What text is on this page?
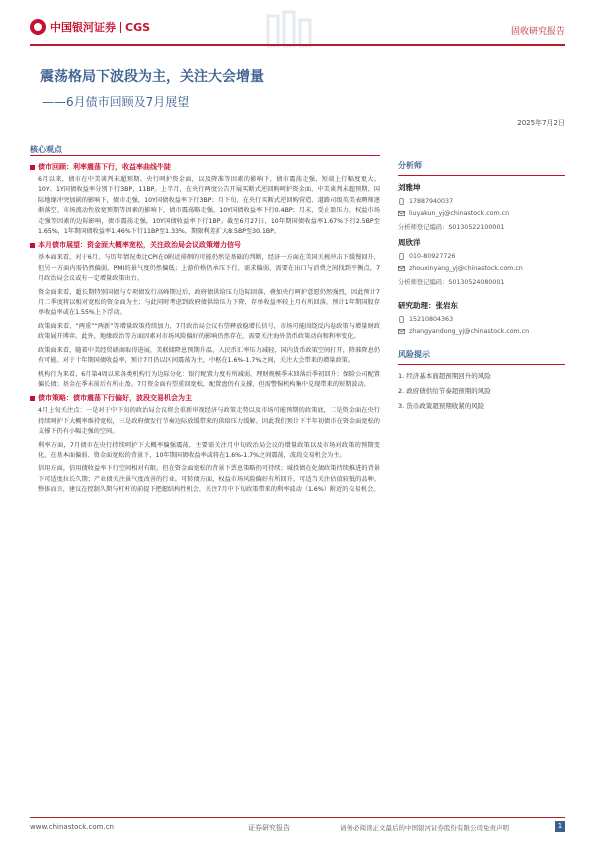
中国银河证券 CGS	固收研究报告
震荡格局下波段为主，关注大会增量
——6月债市回顾及7月展望
2025年7月2日
核心观点
债市回顾：利率震荡下行，收益率曲线牛陡

6月以来，债市在中美谈判未超预期、央行呵护资金面，以及降准等因素的影响下，债市震荡走强，短端上行幅度更大。10Y、1Y国债收益率分别下行3BP、11BP。上半月，在央行两度公告开展买断式逆回购呵护资金面、中美谈判未超预期、国际地缘冲突加剧的影响下，债市走强，10Y国债收益率下行3BP；月下旬，在央行买断式逆回购营造、道路司级英美表聘师逐渐落空、市场流动性放宽预期等因素的影响下，债市震荡略走强，10Y国债收益率下行0.4BP；月末，受止盈压力、权益市场走强等因素的边际影响，债市震荡走强，10Y国债收益率下行1BP。截至6月27日，10年期国债收益率1.67%下行2.5BP至1.65%，1年期国债收益率1.46%下行11BP至1.33%，期限利差扩大8.5BP至30.1BP。

本月债市展望：资金面大概率宽松，关注政治局会议政策增力信号

基本面来看，对于6月，与历年情况类比CPI在0附近徘徊的可能仍然是基础的判断，经济一方面在美国关税冲击下缓慢回升，但另一方面内需仍然偏弱，PMI的景气度仍然偏低；上游价格仍承压下行，需求偏弱，需要在出口与消费之间找到平衡点，7月政治局会议或有一定增量政策出台。

资金面来看，超长期特别国债与专项债发行高峰期过后，政府债供给压力边际回落，叠加央行呵护意愿仍然强烈，因此预计7月二季度将以相对宽松的资金面为主；与此同时考虑到政府债供给压力下降，存单收益率较上月有所回落，预计1年期国股存单收益率或在1.55%上下浮动。

政策面来看，“两重”“两新”等增量政策持续加力，7月政治局会议有望释放稳增长信号，市场可能围绕反内卷政策与增量财政政策展开博弈。此外，地缘政治等方面因素对市场风险偏好的影响仍然存在，需要关注海外货币政策动向和利率变化。

政策面来看，随着中美经贸磋商取得进展，美联储降息预期升温，人民币汇率压力减轻，国内货币政策空间打开，降准降息仍有可能。对于十年期国债收益率，预计7月仍以区间震荡为主，中枢在1.6%-1.7%之间，关注大会带来的增量政策。

机构行为来看，6月第4周以来各类机构行为边际分化：银行配置力度有所减弱，理财规模季末回落后季初回升；保险公司配置偏长债；基金在季末前后有所止盈。7月资金面有望重回宽松，配置盘仍有支撑，但需警惕机构集中兑现带来的短期波动。

债市策略：债市震荡下行偏好，波段交易机会为主

4月上旬关注点：一是对于中下旬的政治局会议将会重新审视经济与政策走势以及市场可能预期的政策底，二是资金面在央行持续呵护下大概率维持宽松，三是政府债发行节奏边际放缓带来的供给压力缓解。因此我们预计下半年初债市在资金面宽松的支撑下仍有小幅走强的空间。

利率方面，7月债市在央行持续呵护下大概率偏强震荡，主要需关注月中旬政治局会议的增量政策以及市场对政策的预期变化。在基本面偏弱、资金面宽松的背景下，10年期国债收益率或将在1.6%-1.7%之间震荡，波段交易机会为主。

信用方面，信用债收益率下行空间相对有限，但在资金面宽松的背景下票息策略仍可持续；城投债在化债政策持续推进的背景下可适度拉长久期；产业债关注景气度改善的行业。可转债方面，权益市场风险偏好有所回升，可适当关注估值较低的品种。整体而言，建议在控制久期与杠杆的前提下把握结构性机会，关注7月中下旬政策带来的利率波动（1.6%）附近的交易机会。

分析师
刘雅坤
17887940037
liuyakun_yj@chinastock.com.cn
分析师登记编码：S0130522100001
周欣洋
010-80927726
zhouxinyang_yj@chinastock.com.cn
分析师登记编码：S0130524080001
研究助理：张岩东
15210804363
zhangyandong_yj@chinastock.com.cn
风险提示
1. 经济基本面超预期回升的风险
2. 政府债供给节奏超预期的风险
3. 货币政策超预期收紧的风险
www.chinastock.com.cn	证券研究报告	请务必阅读正文最后的中国银河证券股份有限公司免责声明	1
